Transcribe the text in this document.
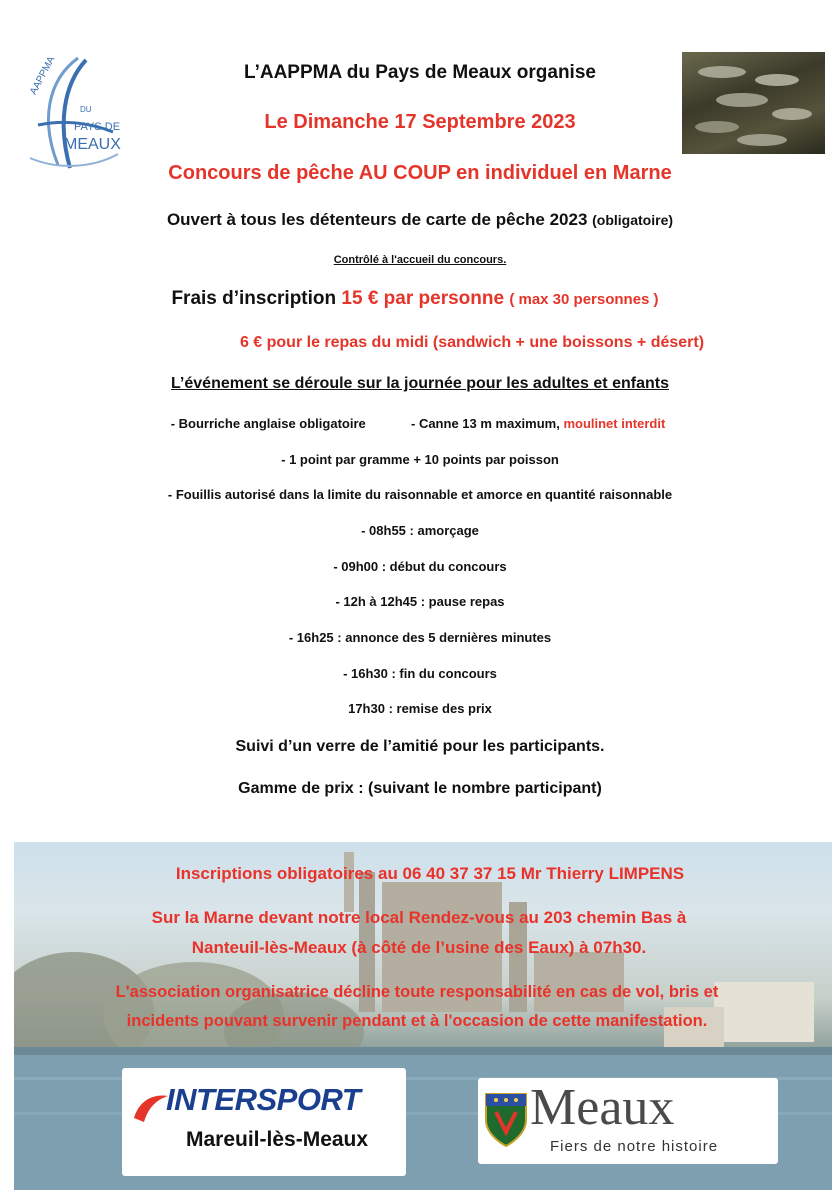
AAPPMA
DU
PAYS DE
MEAUX
L’AAPPMA du Pays de Meaux organise
Le Dimanche 17 Septembre 2023
Concours de pêche AU COUP en individuel en Marne
Ouvert à tous les détenteurs de carte de pêche 2023 (obligatoire)
Contrôlé à l'accueil du concours.
Frais d’inscription 15 € par personne ( max 30 personnes )
6 € pour le repas du midi (sandwich + une boissons + désert)
L’événement se déroule sur la journée pour les adultes et enfants
- Bourriche anglaise obligatoire	- Canne 13 m maximum, moulinet interdit
- 1 point par gramme + 10 points par poisson
- Fouillis autorisé dans la limite du raisonnable et amorce en quantité raisonnable
- 08h55 : amorçage
- 09h00 : début du concours
- 12h à 12h45 : pause repas
- 16h25 : annonce des 5 dernières minutes
- 16h30 : fin du concours
17h30 : remise des prix
Suivi d’un verre de l’amitié pour les participants.
Gamme de prix : (suivant le nombre participant)
Inscriptions obligatoires au 06 40 37 37 15 Mr Thierry LIMPENS
Sur la Marne devant notre local Rendez-vous au 203 chemin Bas à
Nanteuil-lès-Meaux (à côté de l’usine des Eaux) à 07h30.
L'association organisatrice décline toute responsabilité en cas de vol, bris et
incidents pouvant survenir pendant et à l'occasion de cette manifestation.
INTERSPORT
Mareuil-lès-Meaux
Meaux
Fiers de notre histoire
